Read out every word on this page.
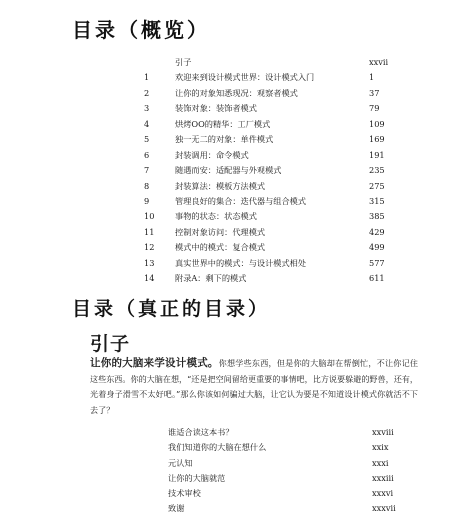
目录（概览）
引子	xxvii
1	欢迎来到设计模式世界：设计模式入门	1
2	让你的对象知悉现况：观察者模式	37
3	装饰对象：装饰者模式	79
4	烘烤OO的精华：工厂模式	109
5	独一无二的对象：单件模式	169
6	封装调用：命令模式	191
7	随遇而安：适配器与外观模式	235
8	封装算法：模板方法模式	275
9	管理良好的集合：迭代器与组合模式	315
10	事物的状态：状态模式	385
11	控制对象访问：代理模式	429
12	模式中的模式：复合模式	499
13	真实世界中的模式：与设计模式相处	577
14	附录A：剩下的模式	611
目录（真正的目录）
引子
让你的大脑来学设计模式。你想学些东西，但是你的大脑却在帮倒忙，不让你记住这些东西。你的大脑在想，“还是把空间留给更重要的事情吧，比方说要躲避的野兽，还有，光着身子滑雪不太好吧。”那么你该如何骗过大脑，让它认为要是不知道设计模式你就活不下去了？
谁适合读这本书？	xxviii
我们知道你的大脑在想什么	xxix
元认知	xxxi
让你的大脑就范	xxxiii
技术审校	xxxvi
致谢	xxxvii
